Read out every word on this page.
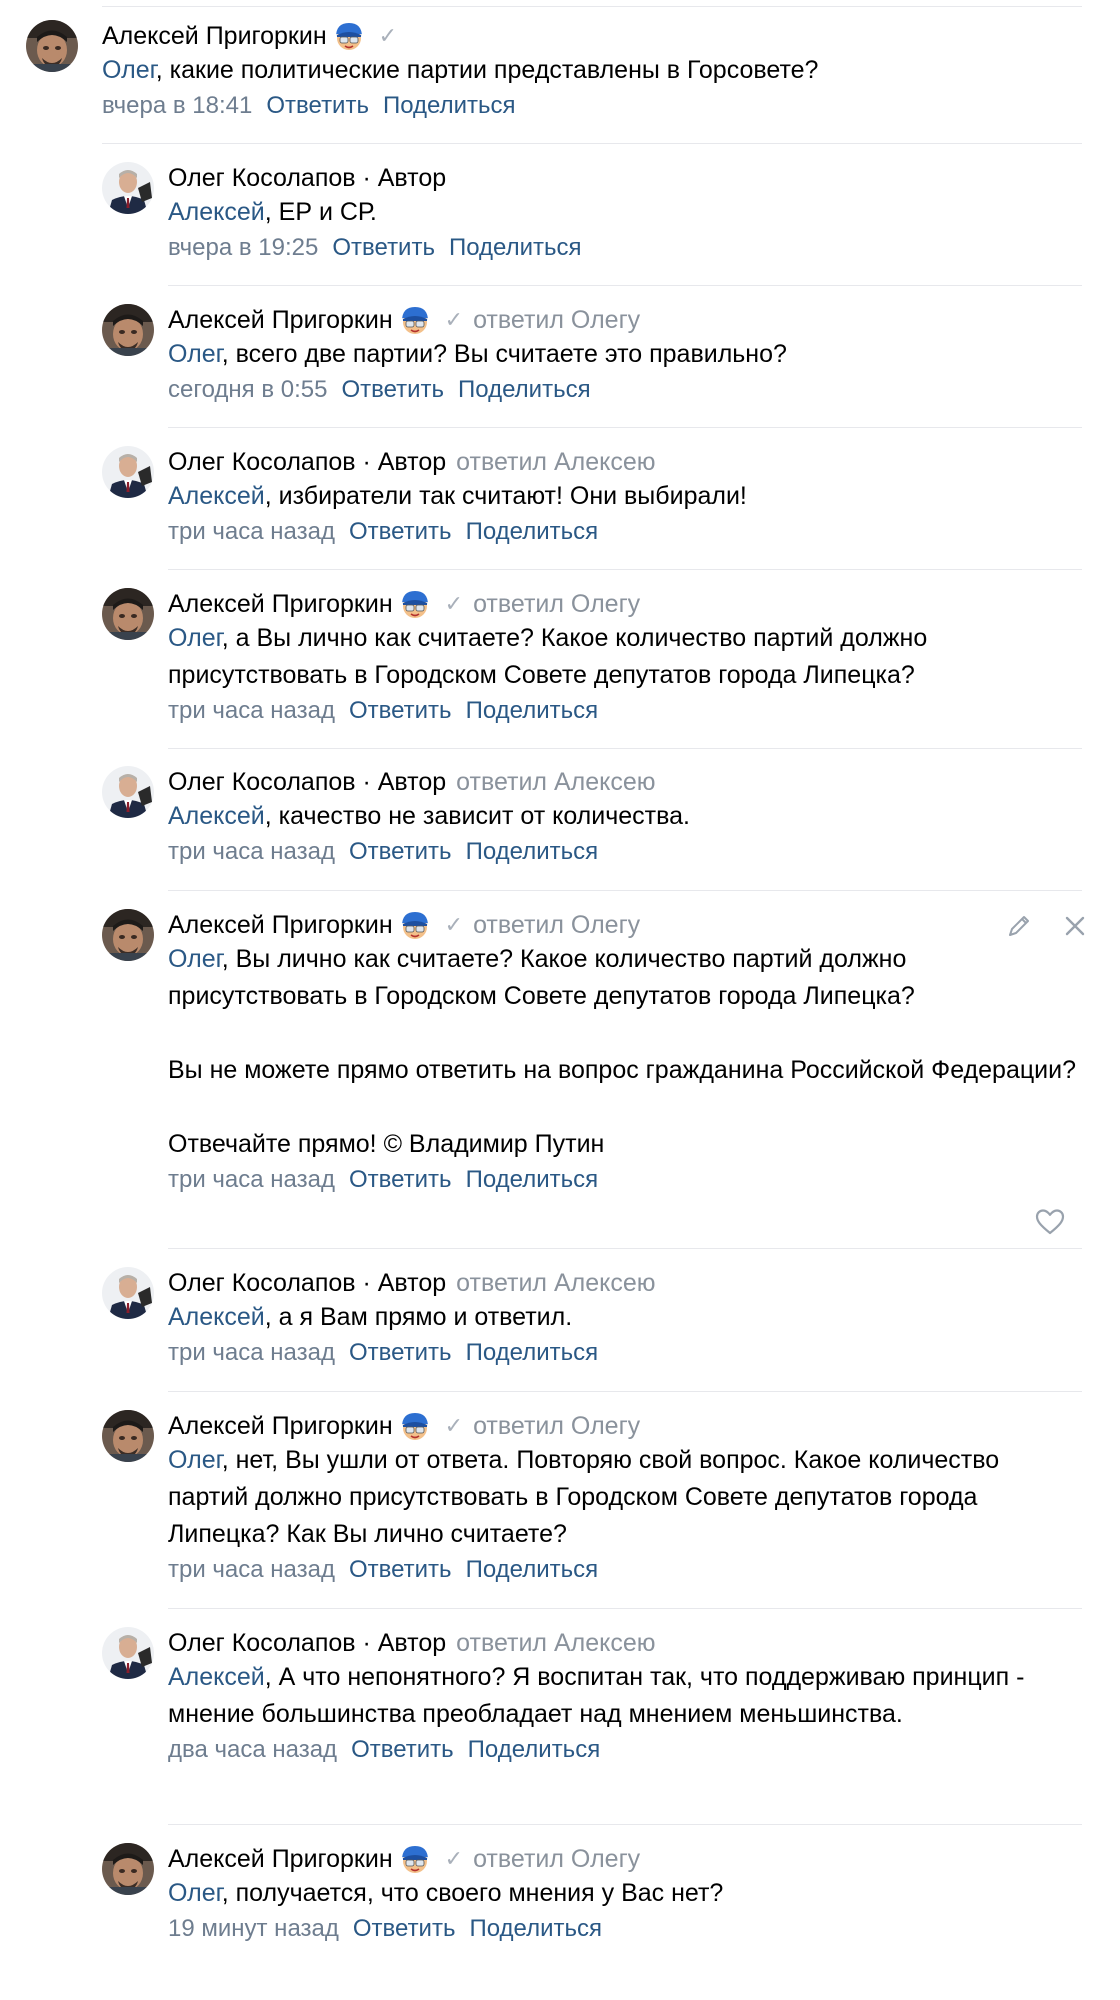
Алексей Пригоркин ✓

Олег, какие политические партии представлены в Горсовете?

вчера в 18:41 Ответить Поделиться
Олег Косолапов · Автор

Алексей, ЕР и СР.

вчера в 19:25 Ответить Поделиться
Алексей Пригоркин ✓ ответил
Олегу

Олег, всего две партии? Вы считаете это правильно?

сегодня в 0:55 Ответить Поделиться
Олег Косолапов · Автор ответил
Алексею

Алексей, избиратели так считают! Они выбирали!

три часа назад Ответить Поделиться
Алексей Пригоркин ✓ ответил
Олегу

Олег, а Вы лично как считаете? Какое количество партий должно присутствовать в Городском Совете депутатов города Липецка?

три часа назад Ответить Поделиться
Олег Косолапов · Автор ответил
Алексею

Алексей, качество не зависит от количества.

три часа назад Ответить Поделиться
Алексей Пригоркин ✓ ответил
Олегу

Олег, Вы лично как считаете? Какое количество партий должно присутствовать в Городском Совете депутатов города Липецка?

Вы не можете прямо ответить на вопрос гражданина Российской Федерации?

Отвечайте прямо! © Владимир Путин

три часа назад Ответить Поделиться
Олег Косолапов · Автор ответил
Алексею

Алексей, а я Вам прямо и ответил.

три часа назад Ответить Поделиться
Алексей Пригоркин ✓ ответил
Олегу

Олег, нет, Вы ушли от ответа. Повторяю свой вопрос. Какое количество партий должно присутствовать в Городском Совете депутатов города Липецка? Как Вы лично считаете?

три часа назад Ответить Поделиться
Олег Косолапов · Автор ответил
Алексею

Алексей, А что непонятного? Я воспитан так, что поддерживаю принцип - мнение большинства преобладает над мнением меньшинства.

два часа назад Ответить Поделиться
Алексей Пригоркин ✓ ответил
Олегу

Олег, получается, что своего мнения у Вас нет?

19 минут назад Ответить Поделиться
